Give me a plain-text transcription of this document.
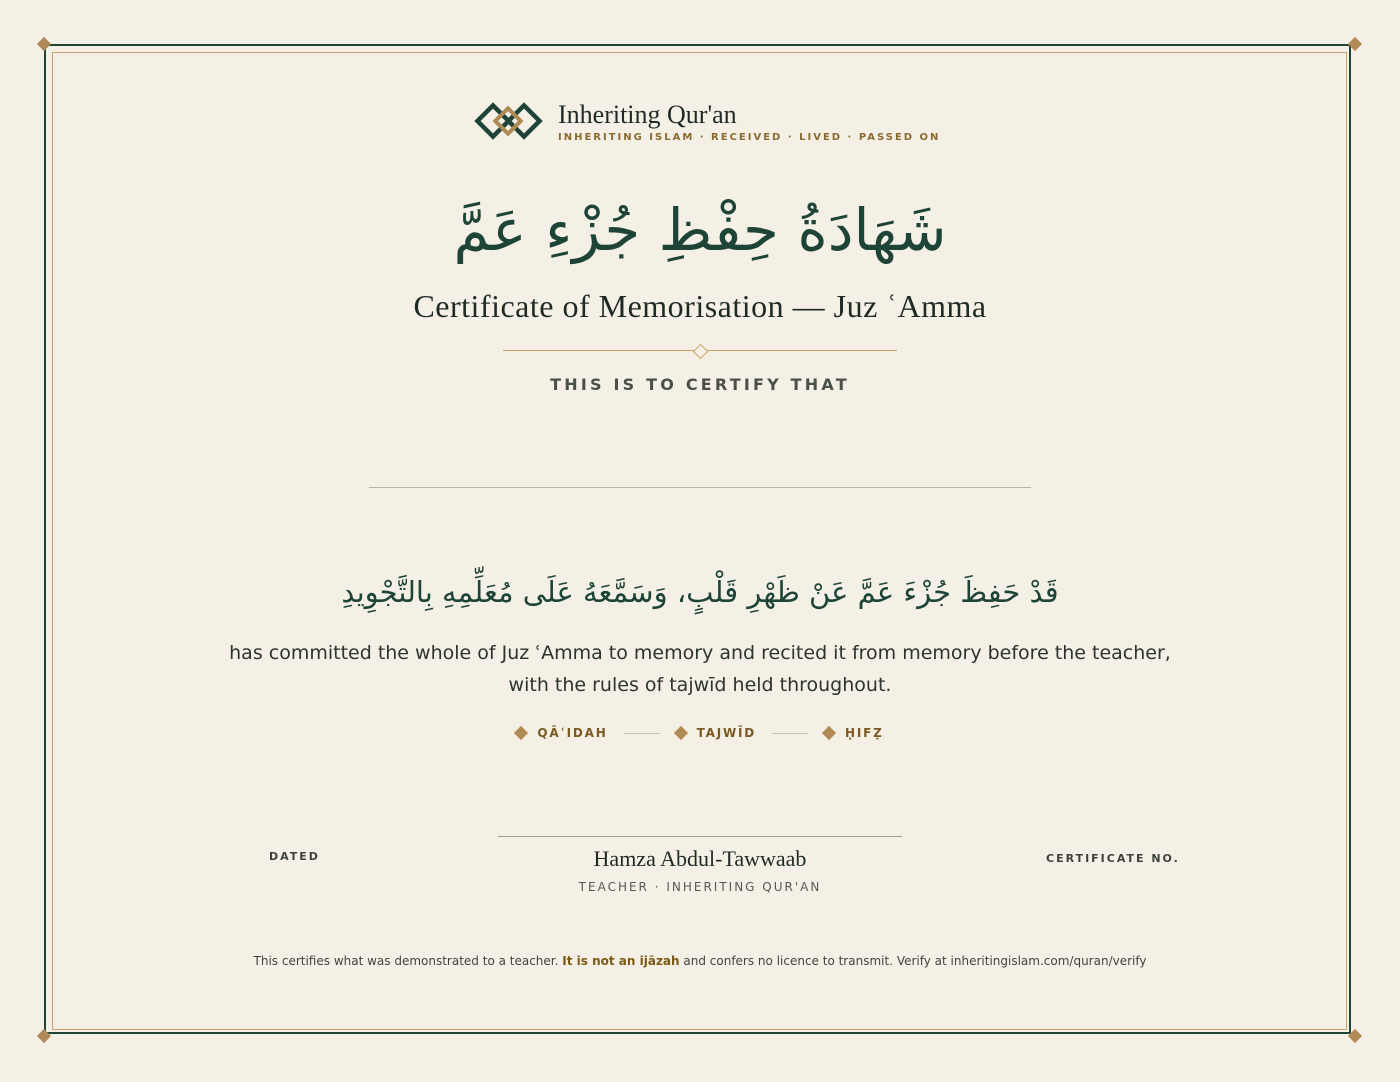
Inheriting Qur'an
INHERITING ISLAM · RECEIVED · LIVED · PASSED ON
شَهَادَةُ حِفْظِ جُزْءِ عَمَّ
Certificate of Memorisation — Juz ʿAmma
THIS IS TO CERTIFY THAT
قَدْ حَفِظَ جُزْءَ عَمَّ عَنْ ظَهْرِ قَلْبٍ، وَسَمَّعَهُ عَلَى مُعَلِّمِهِ بِالتَّجْوِيدِ
has committed the whole of Juz ʿAmma to memory and recited it from memory before the teacher, with the rules of tajwīd held throughout.
QĀʿIDAH	TAJWĪD	ḤIFẒ
DATED	Hamza Abdul-Tawwaab
TEACHER · INHERITING QUR'AN
CERTIFICATE NO.
This certifies what was demonstrated to a teacher. It is not an ijāzah and confers no licence to transmit. Verify at inheritingislam.com/quran/verify
